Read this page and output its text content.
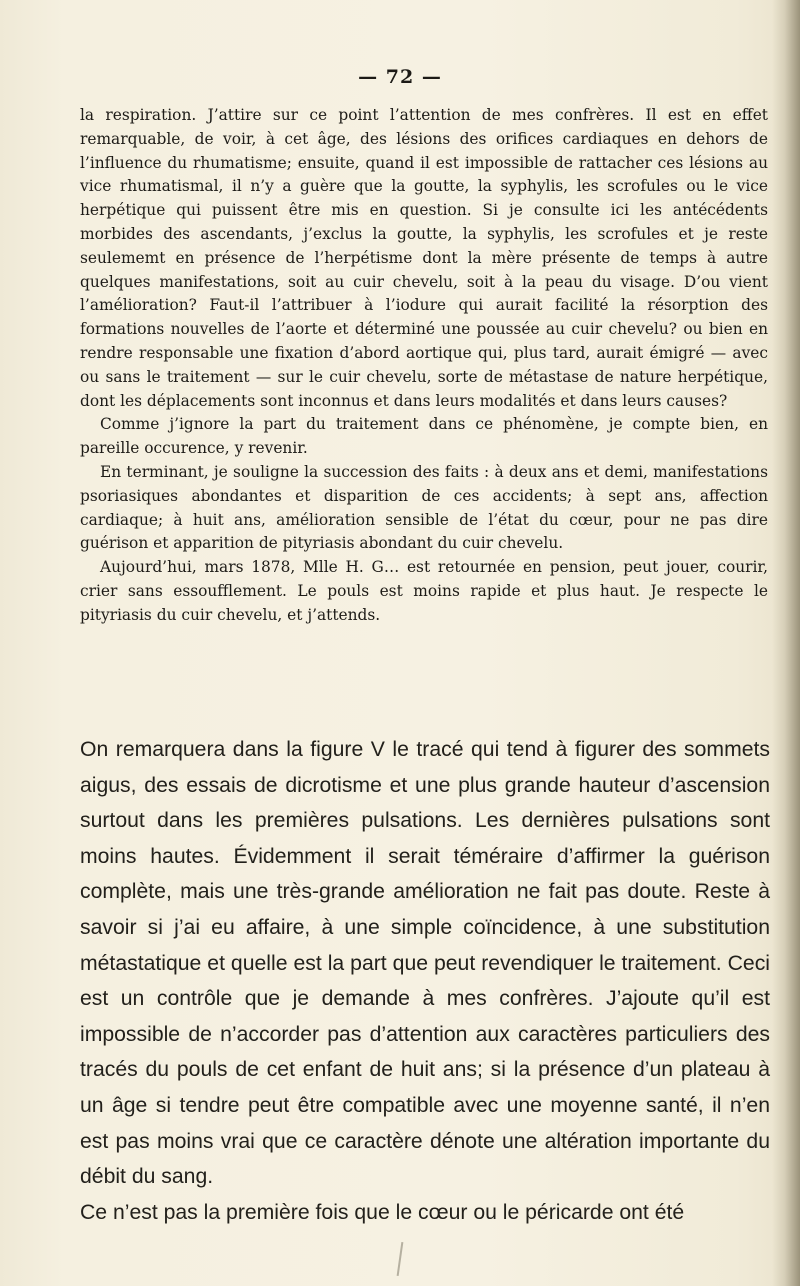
— 72 —

la respiration. J’attire sur ce point l’attention de mes confrères. Il est en effet remarquable, de voir, à cet âge, des lésions des orifices cardiaques en dehors de l’influence du rhumatisme; ensuite, quand il est impossible de rattacher ces lésions au vice rhumatismal, il n’y a guère que la goutte, la syphylis, les scrofules ou le vice herpétique qui puissent être mis en question. Si je consulte ici les antécédents morbides des ascendants, j’exclus la goutte, la syphylis, les scrofules et je reste seulememt en présence de l’herpétisme dont la mère présente de temps à autre quelques manifestations, soit au cuir chevelu, soit à la peau du visage. D’ou vient l’amélioration? Faut-il l’attribuer à l’iodure qui aurait facilité la résorption des formations nouvelles de l’aorte et déterminé une poussée au cuir chevelu? ou bien en rendre responsable une fixation d’abord aortique qui, plus tard, aurait émigré — avec ou sans le traitement — sur le cuir chevelu, sorte de métastase de nature herpétique, dont les déplacements sont inconnus et dans leurs modalités et dans leurs causes?

Comme j’ignore la part du traitement dans ce phénomène, je compte bien, en pareille occurence, y revenir.

En terminant, je souligne la succession des faits : à deux ans et demi, manifestations psoriasiques abondantes et disparition de ces accidents; à sept ans, affection cardiaque; à huit ans, amélioration sensible de l’état du cœur, pour ne pas dire guérison et apparition de pityriasis abondant du cuir chevelu.

Aujourd’hui, mars 1878, Mlle H. G… est retournée en pension, peut jouer, courir, crier sans essoufflement. Le pouls est moins rapide et plus haut. Je respecte le pityriasis du cuir chevelu, et j’attends.

On remarquera dans la figure V le tracé qui tend à figurer des sommets aigus, des essais de dicrotisme et une plus grande hauteur d’ascension surtout dans les premières pulsations. Les dernières pulsations sont moins hautes. Évidemment il serait téméraire d’affirmer la guérison complète, mais une très-grande amélioration ne fait pas doute. Reste à savoir si j’ai eu affaire, à une simple coïncidence, à une substitution métastatique et quelle est la part que peut revendiquer le traitement. Ceci est un contrôle que je demande à mes confrères. J’ajoute qu’il est impossible de n’accorder pas d’attention aux caractères particuliers des tracés du pouls de cet enfant de huit ans; si la présence d’un plateau à un âge si tendre peut être compatible avec une moyenne santé, il n’en est pas moins vrai que ce caractère dénote une altération importante du débit du sang.

Ce n’est pas la première fois que le cœur ou le péricarde ont été
